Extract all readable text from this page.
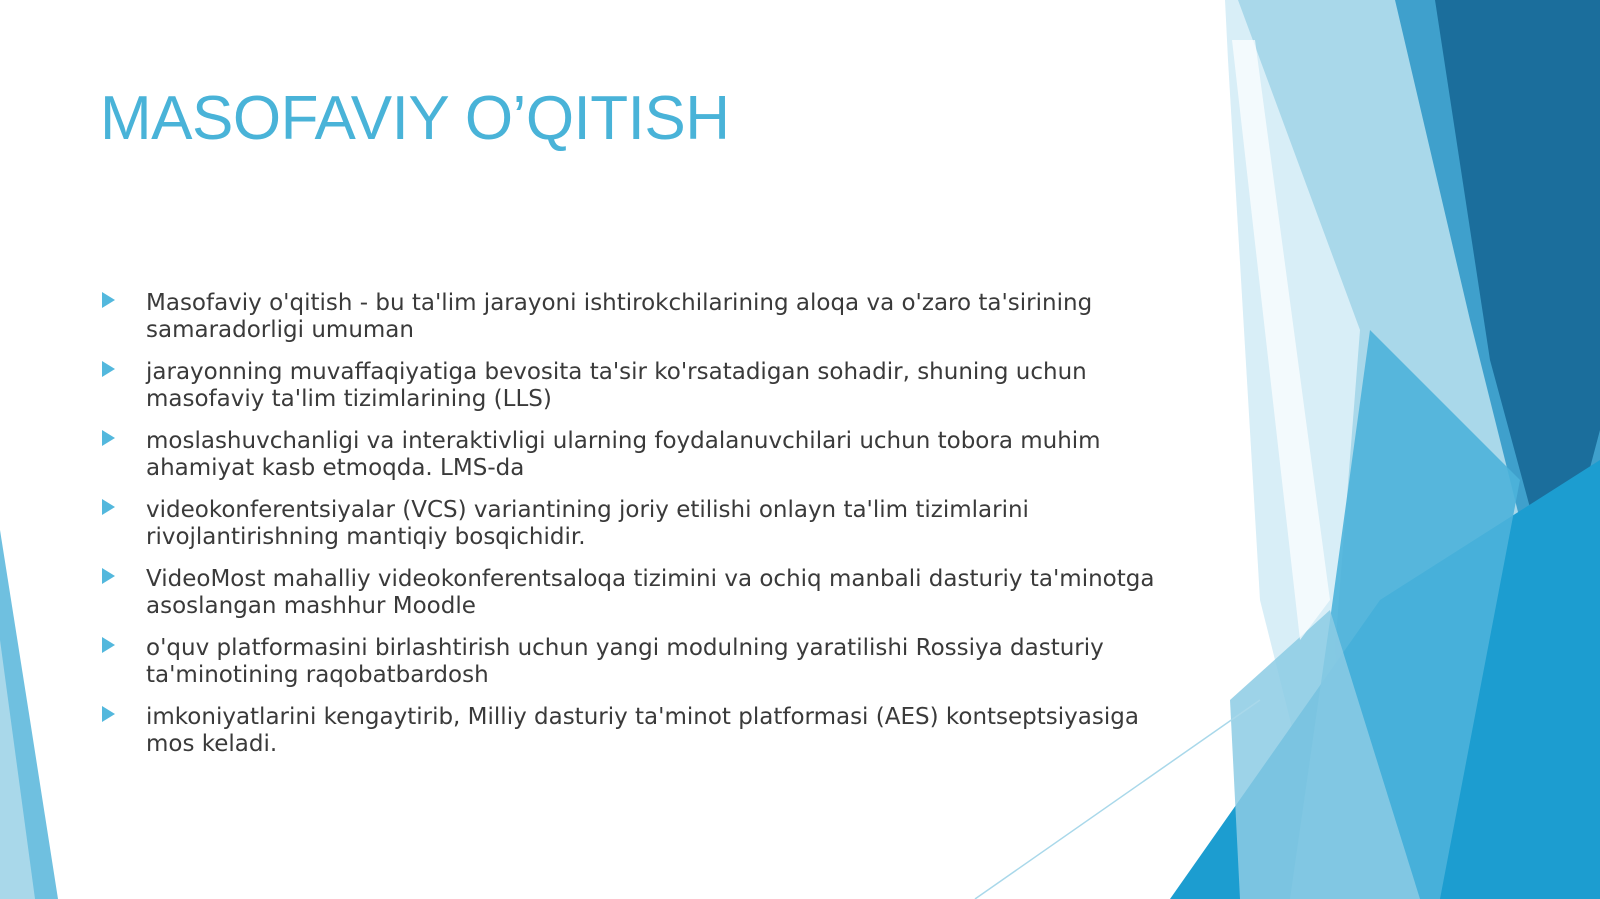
MASOFAVIY O’QITISH
Masofaviy o'qitish - bu ta'lim jarayoni ishtirokchilarining aloqa va o'zaro ta'sirining samaradorligi umuman
jarayonning muvaffaqiyatiga bevosita ta'sir ko'rsatadigan sohadir, shuning uchun masofaviy ta'lim tizimlarining (LLS)
moslashuvchanligi va interaktivligi ularning foydalanuvchilari uchun tobora muhim ahamiyat kasb etmoqda. LMS-da
videokonferentsiyalar (VCS) variantining joriy etilishi onlayn ta'lim tizimlarini rivojlantirishning mantiqiy bosqichidir.
VideoMost mahalliy videokonferentsaloqa tizimini va ochiq manbali dasturiy ta'minotga asoslangan mashhur Moodle
o'quv platformasini birlashtirish uchun yangi modulning yaratilishi Rossiya dasturiy ta'minotining raqobatbardosh
imkoniyatlarini kengaytirib, Milliy dasturiy ta'minot platformasi (AES) kontseptsiyasiga mos keladi.
